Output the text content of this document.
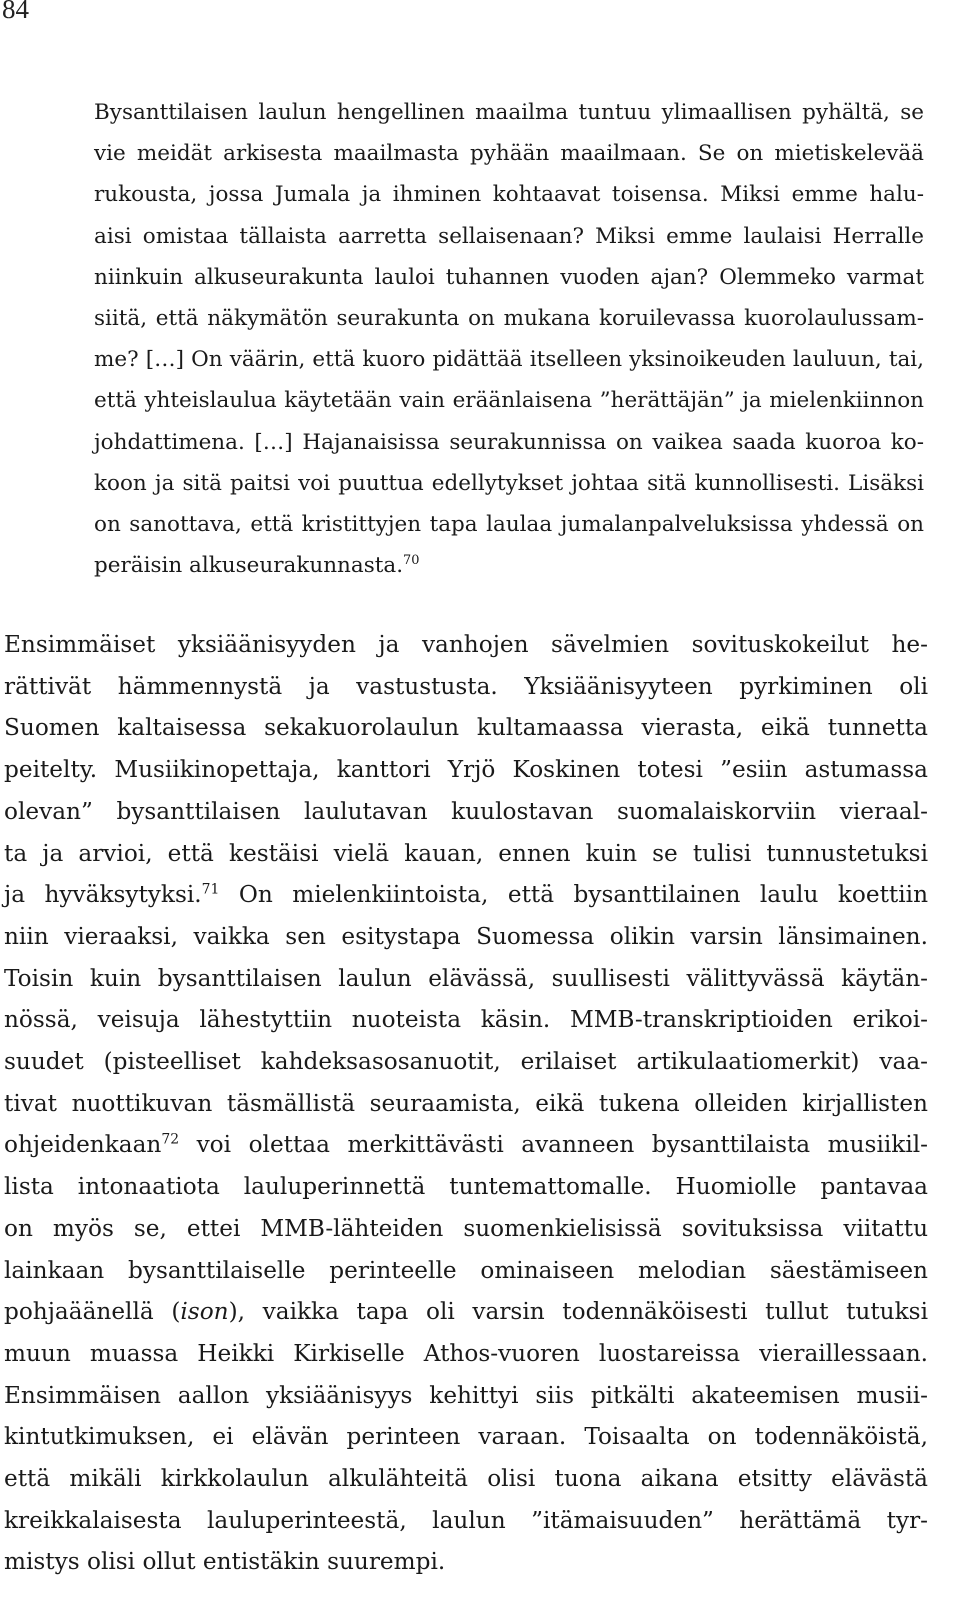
84
Bysanttilaisen laulun hengellinen maailma tuntuu ylimaallisen pyhältä, se
vie meidät arkisesta maailmasta pyhään maailmaan. Se on mietiskelevää
rukousta, jossa Jumala ja ihminen kohtaavat toisensa. Miksi emme halu-
aisi omistaa tällaista aarretta sellaisenaan? Miksi emme laulaisi Herralle
niinkuin alkuseurakunta lauloi tuhannen vuoden ajan? Olemmeko varmat
siitä, että näkymätön seurakunta on mukana koruilevassa kuorolaulussam-
me? […] On väärin, että kuoro pidättää itselleen yksinoikeuden lauluun, tai,
että yhteislaulua käytetään vain eräänlaisena ”herättäjän” ja mielenkiinnon
johdattimena. […] Hajanaisissa seurakunnissa on vaikea saada kuoroa ko-
koon ja sitä paitsi voi puuttua edellytykset johtaa sitä kunnollisesti. Lisäksi
on sanottava, että kristittyjen tapa laulaa jumalanpalveluksissa yhdessä on
peräisin alkuseurakunnasta.$^{70}$
Ensimmäiset yksiäänisyyden ja vanhojen sävelmien sovituskokeilut he-
rättivät hämmennystä ja vastustusta. Yksiäänisyyteen pyrkiminen oli
Suomen kaltaisessa sekakuorolaulun kultamaassa vierasta, eikä tunnetta
peitelty. Musiikinopettaja, kanttori Yrjö Koskinen totesi ”esiin astumassa
olevan” bysanttilaisen laulutavan kuulostavan suomalaiskorviin vieraal-
ta ja arvioi, että kestäisi vielä kauan, ennen kuin se tulisi tunnustetuksi
ja hyväksytyksi.$^{71}$ On mielenkiintoista, että bysanttilainen laulu koettiin
niin vieraaksi, vaikka sen esitystapa Suomessa olikin varsin länsimainen.
Toisin kuin bysanttilaisen laulun elävässä, suullisesti välittyvässä käytän-
nössä, veisuja lähestyttiin nuoteista käsin. MMB-transkriptioiden erikoi-
suudet (pisteelliset kahdeksasosanuotit, erilaiset artikulaatiomerkit) vaa-
tivat nuottikuvan täsmällistä seuraamista, eikä tukena olleiden kirjallisten
ohjeidenkaan$^{72}$ voi olettaa merkittävästi avanneen bysanttilaista musiikil-
lista intonaatiota lauluperinnettä tuntemattomalle. Huomiolle pantavaa
on myös se, ettei MMB-lähteiden suomenkielisissä sovituksissa viitattu
lainkaan bysanttilaiselle perinteelle ominaiseen melodian säestämiseen
pohjaäänellä (ison), vaikka tapa oli varsin todennäköisesti tullut tutuksi
muun muassa Heikki Kirkiselle Athos-vuoren luostareissa vieraillessaan.
Ensimmäisen aallon yksiäänisyys kehittyi siis pitkälti akateemisen musii-
kintutkimuksen, ei elävän perinteen varaan. Toisaalta on todennäköistä,
että mikäli kirkkolaulun alkulähteitä olisi tuona aikana etsitty elävästä
kreikkalaisesta lauluperinteestä, laulun ”itämaisuuden” herättämä tyr-
mistys olisi ollut entistäkin suurempi.
